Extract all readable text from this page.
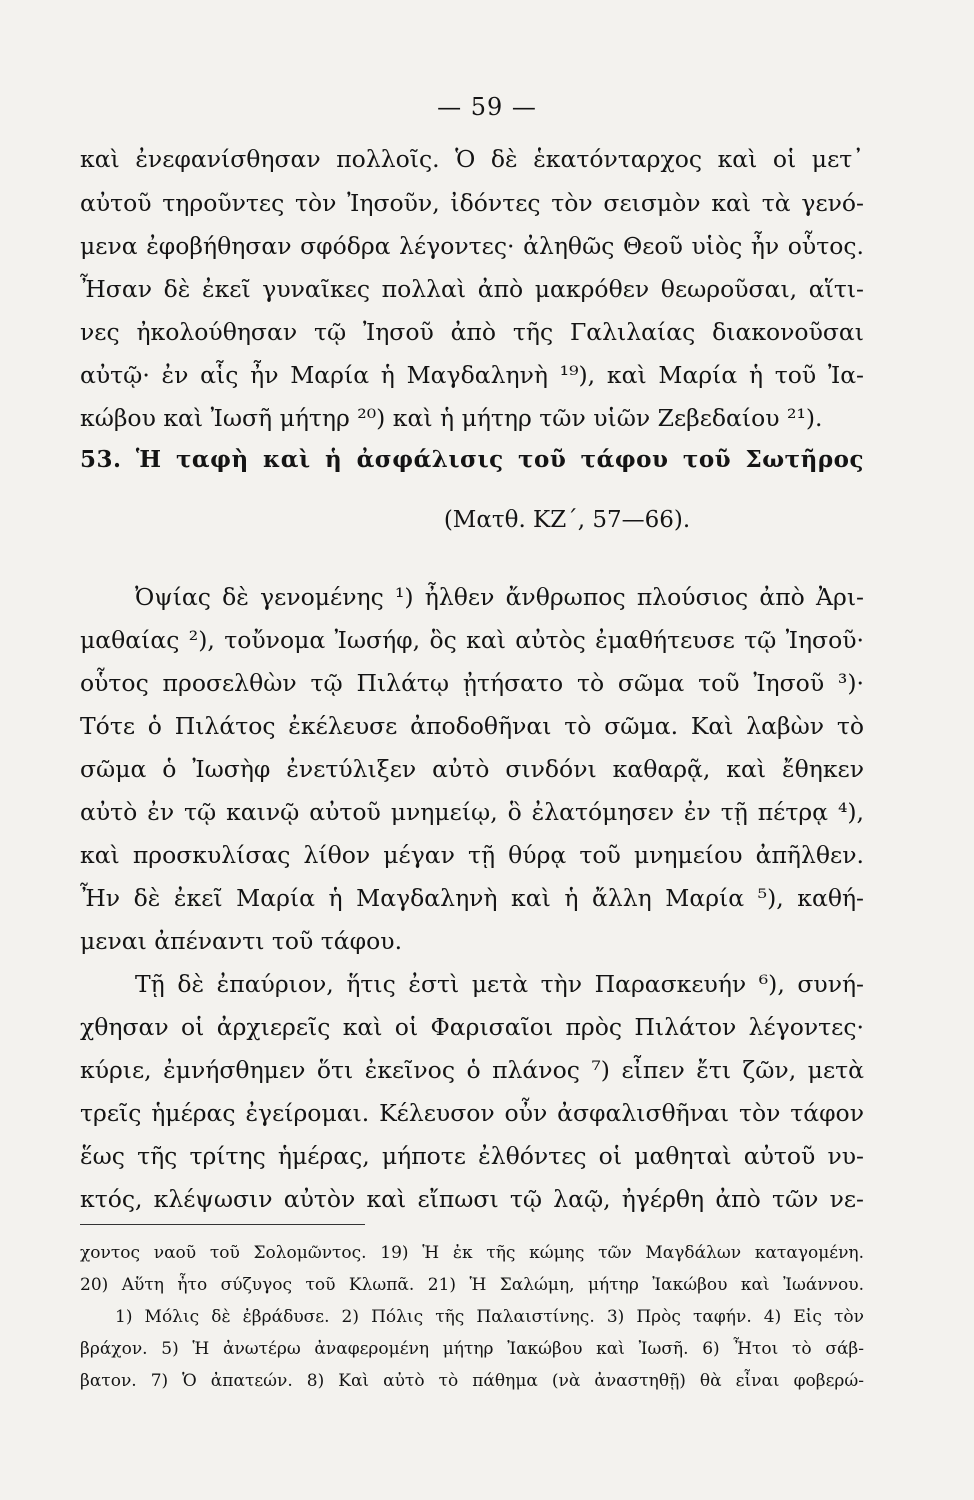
— 59 —
καὶ ἐνεφανίσθησαν πολλοῖς. Ὁ δὲ ἑκατόνταρχος καὶ οἱ μετ᾽
αὐτοῦ τηροῦντες τὸν Ἰησοῦν, ἰδόντες τὸν σεισμὸν καὶ τὰ γενό-
μενα ἐφοβήθησαν σφόδρα λέγοντες· ἀληθῶς Θεοῦ υἱὸς ἦν οὗτος.
Ἦσαν δὲ ἐκεῖ γυναῖκες πολλαὶ ἀπὸ μακρόθεν θεωροῦσαι, αἵτι-
νες ἠκολούθησαν τῷ Ἰησοῦ ἀπὸ τῆς Γαλιλαίας διακονοῦσαι
αὐτῷ· ἐν αἷς ἦν Μαρία ἡ Μαγδαληνὴ ¹⁹), καὶ Μαρία ἡ τοῦ Ἰα-
κώβου καὶ Ἰωσῆ μήτηρ ²⁰) καὶ ἡ μήτηρ τῶν υἱῶν Ζεβεδαίου ²¹).
53. Ἡ ταφὴ καὶ ἡ ἀσφάλισις τοῦ τάφου τοῦ Σωτῆρος
(Ματθ. ΚΖ΄, 57—66).
Ὀψίας δὲ γενομένης ¹) ἦλθεν ἄνθρωπος πλούσιος ἀπὸ Ἀρι-
μαθαίας ²), τοὔνομα Ἰωσήφ, ὃς καὶ αὐτὸς ἐμαθήτευσε τῷ Ἰησοῦ·
οὗτος προσελθὼν τῷ Πιλάτῳ ᾐτήσατο τὸ σῶμα τοῦ Ἰησοῦ ³)·
Τότε ὁ Πιλάτος ἐκέλευσε ἀποδοθῆναι τὸ σῶμα. Καὶ λαβὼν τὸ
σῶμα ὁ Ἰωσὴφ ἐνετύλιξεν αὐτὸ σινδόνι καθαρᾷ, καὶ ἔθηκεν
αὐτὸ ἐν τῷ καινῷ αὐτοῦ μνημείῳ, ὃ ἐλατόμησεν ἐν τῇ πέτρᾳ ⁴),
καὶ προσκυλίσας λίθον μέγαν τῇ θύρᾳ τοῦ μνημείου ἀπῆλθεν.
Ἦν δὲ ἐκεῖ Μαρία ἡ Μαγδαληνὴ καὶ ἡ ἄλλη Μαρία ⁵), καθή-
μεναι ἀπέναντι τοῦ τάφου.
Τῇ δὲ ἐπαύριον, ἥτις ἐστὶ μετὰ τὴν Παρασκευήν ⁶), συνή-
χθησαν οἱ ἀρχιερεῖς καὶ οἱ Φαρισαῖοι πρὸς Πιλάτον λέγοντες·
κύριε, ἐμνήσθημεν ὅτι ἐκεῖνος ὁ πλάνος ⁷) εἶπεν ἔτι ζῶν, μετὰ
τρεῖς ἡμέρας ἐγείρομαι. Κέλευσον οὖν ἀσφαλισθῆναι τὸν τάφον
ἕως τῆς τρίτης ἡμέρας, μήποτε ἐλθόντες οἱ μαθηταὶ αὐτοῦ νυ-
κτός, κλέψωσιν αὐτὸν καὶ εἴπωσι τῷ λαῷ, ἠγέρθη ἀπὸ τῶν νε-
χοντος ναοῦ τοῦ Σολομῶντος. 19) Ἡ ἐκ τῆς κώμης τῶν Μαγδάλων καταγομένη.
20) Αὕτη ἦτο σύζυγος τοῦ Κλωπᾶ. 21) Ἡ Σαλώμη, μήτηρ Ἰακώβου καὶ Ἰωάννου.
1) Μόλις δὲ ἐβράδυσε. 2) Πόλις τῆς Παλαιστίνης. 3) Πρὸς ταφήν. 4) Εἰς τὸν
βράχον. 5) Ἡ ἀνωτέρω ἀναφερομένη μήτηρ Ἰακώβου καὶ Ἰωσῆ. 6) Ἦτοι τὸ σάβ-
βατον. 7) Ὁ ἀπατεών. 8) Καὶ αὐτὸ τὸ πάθημα (νὰ ἀναστηθῇ) θὰ εἶναι φοβερώ-
